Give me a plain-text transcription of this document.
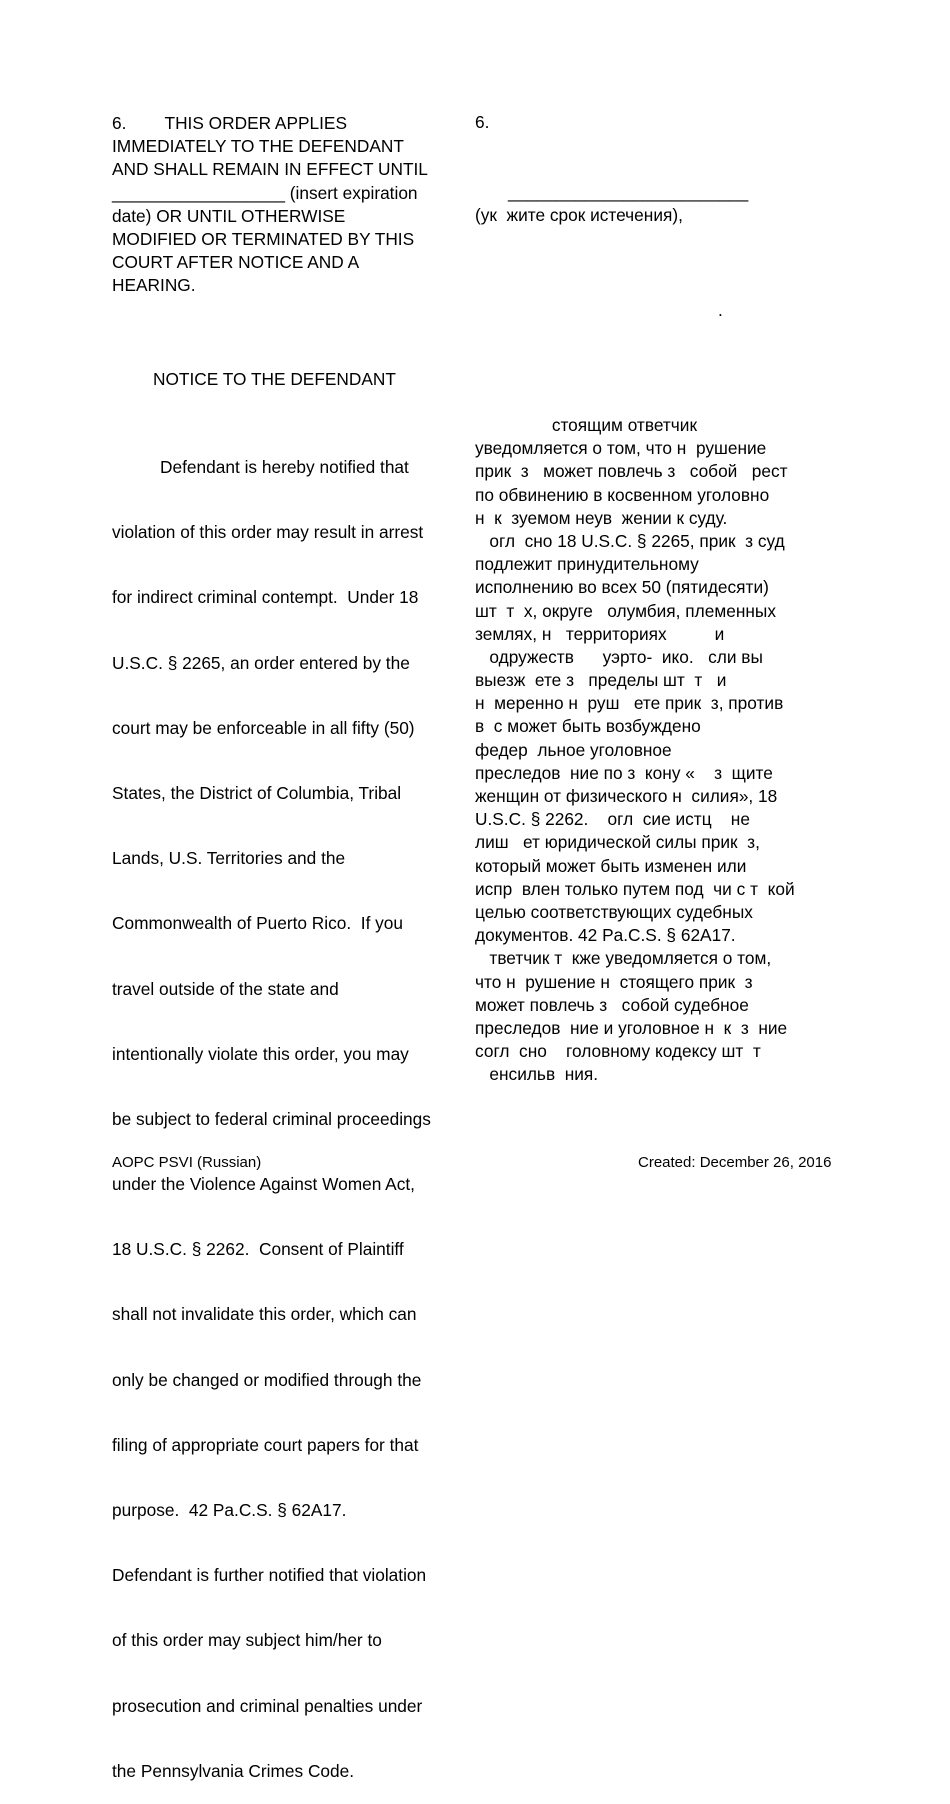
6.        THIS ORDER APPLIES
IMMEDIATELY TO THE DEFENDANT
AND SHALL REMAIN IN EFFECT UNTIL
__________________ (insert expiration
date) OR UNTIL OTHERWISE
MODIFIED OR TERMINATED BY THIS
COURT AFTER NOTICE AND A
HEARING.
6.
_________________________
(ук  жите срок истечения),
.
NOTICE TO THE DEFENDANT

Defendant is hereby notified that

violation of this order may result in arrest

for indirect criminal contempt.  Under 18

U.S.C. § 2265, an order entered by the

court may be enforceable in all fifty (50)

States, the District of Columbia, Tribal

Lands, U.S. Territories and the

Commonwealth of Puerto Rico.  If you

travel outside of the state and

intentionally violate this order, you may

be subject to federal criminal proceedings

under the Violence Against Women Act,

18 U.S.C. § 2262.  Consent of Plaintiff

shall not invalidate this order, which can

only be changed or modified through the

filing of appropriate court papers for that

purpose.  42 Pa.C.S. § 62A17.

Defendant is further notified that violation

of this order may subject him/her to

prosecution and criminal penalties under

the Pennsylvania Crimes Code.

стоящим ответчик
уведомляется о том, что н  рушение
прик  з   может повлечь з   собой   рест
по обвинению в косвенном уголовно
н  к  зуемом неув  жении к суду.
огл  сно 18 U.S.C. § 2265, прик  з суд
подлежит принудительному
исполнению во всех 50 (пятидесяти)
шт  т  х, округе   олумбия, племенных
землях, н   территориях          и
одружеств      уэрто-  ико.   сли вы
выезж  ете з   пределы шт  т   и
н  меренно н  руш   ете прик  з, против
в  с может быть возбуждено
федер  льное уголовное
преследов  ние по з  кону «    з  щите
женщин от физического н  силия», 18
U.S.C. § 2262.    огл  сие истц    не
лиш   ет юридической силы прик  з,
который может быть изменен или
испр  влен только путем под  чи с т  кой
целью соответствующих судебных
документов. 42 Pa.C.S. § 62A17.
тветчик т  кже уведомляется о том,
что н  рушение н  стоящего прик  з
может повлечь з   собой судебное
преследов  ние и уголовное н  к  з  ние
согл  сно    головному кодексу шт  т
енсильв  ния.
AOPC PSVI (Russian)	Created: December 26, 2016
